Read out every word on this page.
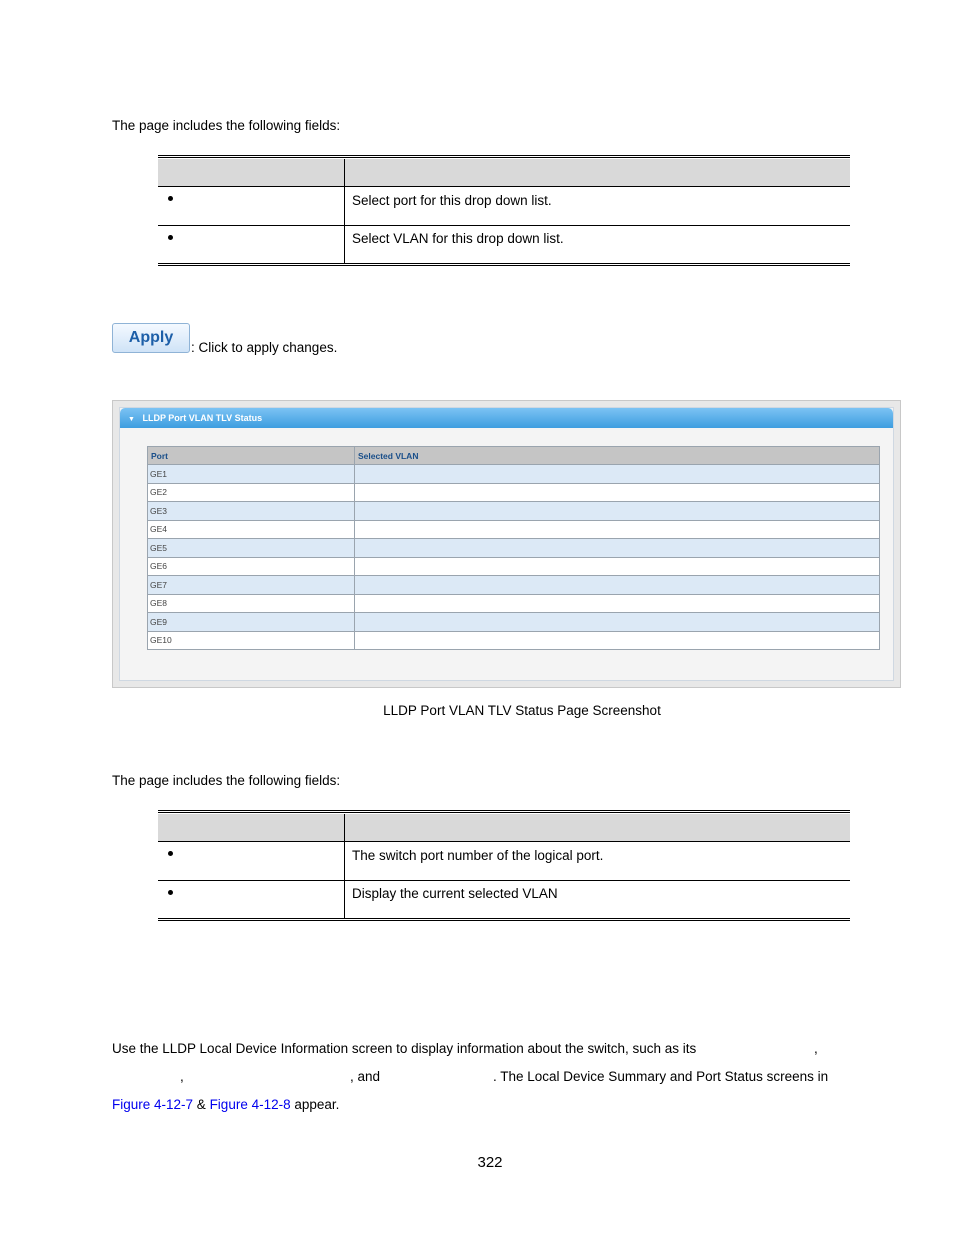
The page includes the following fields:
Select port for this drop down list.
Select VLAN for this drop down list.
Apply
: Click to apply changes.
▼ LLDP Port VLAN TLV Status
Port	Selected VLAN
GE1	
GE2	
GE3	
GE4	
GE5	
GE6	
GE7	
GE8	
GE9	
GE10	
LLDP Port VLAN TLV Status Page Screenshot
The page includes the following fields:
The switch port number of the logical port.
Display the current selected VLAN
Use the LLDP Local Device Information screen to display information about the switch, such as its	,
,	, and	. The Local Device Summary and Port Status screens in
Figure 4-12-7 & Figure 4-12-8 appear.
322
